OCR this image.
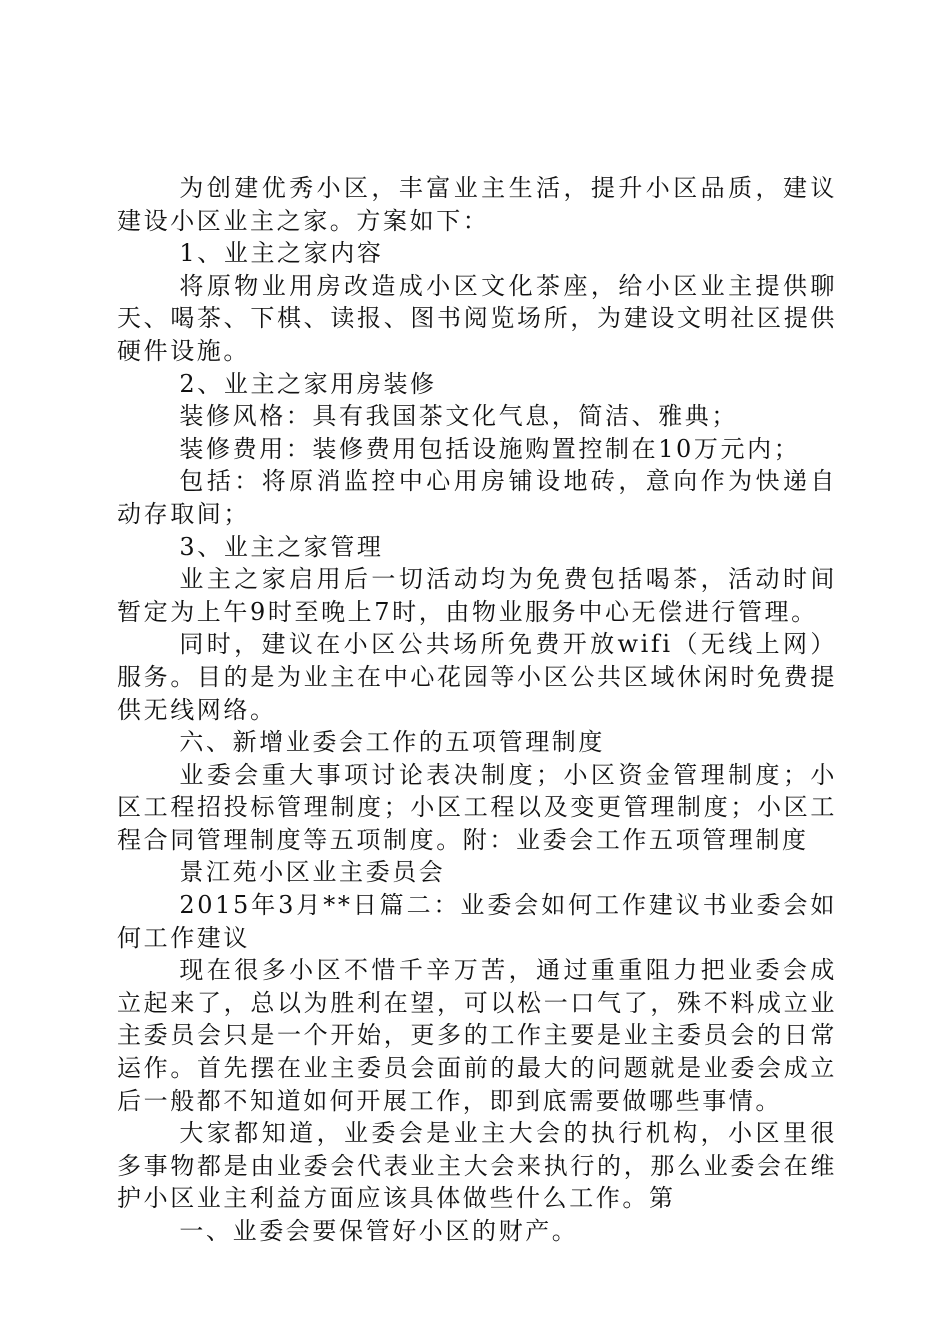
为创建优秀小区，丰富业主生活，提升小区品质，建议建设小区业主之家。方案如下：

1、业主之家内容

将原物业用房改造成小区文化茶座，给小区业主提供聊天、喝茶、下棋、读报、图书阅览场所，为建设文明社区提供硬件设施。

2、业主之家用房装修

装修风格：具有我国茶文化气息，简洁、雅典；

装修费用：装修费用包括设施购置控制在10万元内；

包括：将原消监控中心用房铺设地砖，意向作为快递自动存取间；

3、业主之家管理

业主之家启用后一切活动均为免费包括喝茶，活动时间暂定为上午9时至晚上7时，由物业服务中心无偿进行管理。

同时，建议在小区公共场所免费开放wifi（无线上网）服务。目的是为业主在中心花园等小区公共区域休闲时免费提供无线网络。

六、新增业委会工作的五项管理制度

业委会重大事项讨论表决制度；小区资金管理制度；小区工程招投标管理制度；小区工程以及变更管理制度；小区工程合同管理制度等五项制度。附：业委会工作五项管理制度

景江苑小区业主委员会

2015年3月**日篇二：业委会如何工作建议书业委会如何工作建议

现在很多小区不惜千辛万苦，通过重重阻力把业委会成立起来了，总以为胜利在望，可以松一口气了，殊不料成立业主委员会只是一个开始，更多的工作主要是业主委员会的日常运作。首先摆在业主委员会面前的最大的问题就是业委会成立后一般都不知道如何开展工作，即到底需要做哪些事情。

大家都知道，业委会是业主大会的执行机构，小区里很多事物都是由业委会代表业主大会来执行的，那么业委会在维护小区业主利益方面应该具体做些什么工作。第

一、业委会要保管好小区的财产。
